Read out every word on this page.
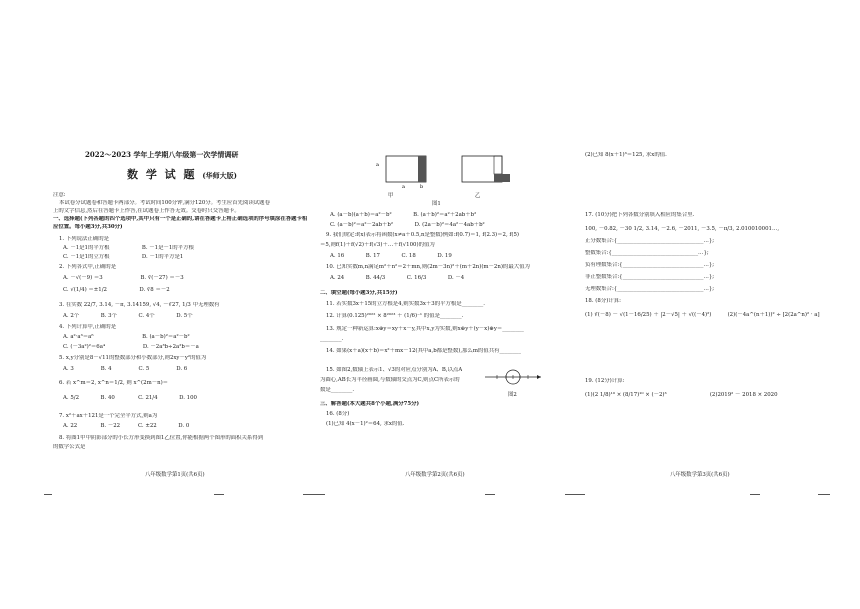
2022～2023 学年上学期八年级第一次学情调研
数 学 试 题 (华师大版)
注意:
本试卷分试题卷和答题卡两部分。考试时间100分钟,满分120分。考生应首先阅读试题卷
上的文字信息,然后在答题卡上作答,在试题卷上作答无效。交卷时只交答题卡。
一、选择题(下列各题的四个选项中,其中只有一个是正确的,请在答题卡上将正确选项的序号填涂在答题卡相
应位置。每小题3分,共30分)
1. 下列说法正确的是
A. －1是1的平方根　　　　　　B. －1是－1的平方根
C. －1是1的立方根　　　　　　D. －1的平方是1
2. 下列各式中,正确的是
A. －√(－9) ＝3　　　　　　　B. ∛(－27) ＝－3
C. √(1/4) ＝±1/2　　　　　　D. ∛8 ＝－2
3. 在实数 22/7, 3.14, －π, 3.14159, √4, －∛27, 1/3 中无理数有
A. 2个　　　　B. 3个　　　　C. 4个　　　　D. 5个
4. 下列计算中,正确的是
A. a²·a³＝a⁶　　　　　　　　　B. (a－b)²＝a²－b²
C. (－3a²)²＝6a⁴　　　　　　　D. －2a³b÷2a²b＝－a
5. x,y分别是8－√11的整数部分和小数部分,则2xy－y²的值为
A. 3　　　　　B. 4　　　　　C. 5　　　　　D. 6
6. 若 x^m＝2, x^n＝1/2, 则 x^(2m－n)＝
A. 5/2　　　　B. 40　　　　 C. 21/4　　　　D. 100
7. x²＋ax＋121是一个完全平方式,则a为
A. 22　　　　 B. －22　　　 C. ±22　　　　D. 0
8. 将图1甲中阴影部分的小长方形变换到图1乙位置,你能根据两个图形的面积关系得到
的数学公式是
八年级数学第1页(共6页)
a
a	b
甲	乙
图1
A. (a－b)(a＋b)＝a²－b²　　　　B. (a＋b)²＝a²＋2ab＋b²
C. (a－b)²＝a²－2ab＋b²　　　　D. (2a－b)²＝4a²－4ab＋b²
9. 我们规定:f(x)表示将函数(x≠a＋0.5,n是整数)例如:f(0.7)＝1, f(2.3)＝2, f(5)
＝5,则f(1)＋f(√2)＋f(√3)＋…＋f(√100)的值为
A. 16　　　　B. 17　　　　C. 18　　　　D. 19
10. 已知实数m,n满足m²＋n²＝2＋mn,则(2m－3n)²＋(m＋2n)(m－2n)的最大值为
A. 24　　　　B. 44/3　　　　C. 16/3　　　　D. －4
二、填空题(每小题3分,共15分)
11. 若实数3x＋15的立方根是4,则实数3x＋3的平方根是________.
12. 计算(0.125)²⁰²² × 8²⁰²³ ＋ (1/6)⁻¹ 的值是________.
13. 规定一种新运算:x⊕y＝xy＋x－y,其中x,y为实数,则x⊕y＋(y－x)⊕y＝________
________.
14. 如果(x＋a)(x＋b)＝x²＋mx－12(其中a,b都是整数),那么m的值共有________
15. 如图2,数轴上表示1、√3的对应点分别为A、B,以点A
为圆心,AB长为半径画圆,与数轴的交点为C,则点C所表示的
数是________.
三、解答题(本大题共8个小题,满分75分)
16. (8分)
(1)已知 4(x－1)²＝64, 求x的值.
图2
八年级数学第2页(共6页)
(2)已知 8(x＋1)³＝125, 求x的值.
17. (10分)把下列各数分别填入相应的集合里.
100, －0.82, －30 1/2, 3.14, －2.6, －2011, －3.5, －π/3, 2.010010001…,
正分数集合:{________________________________…};
整数集合:{________________________________…};
负有理数集合:{______________________________…};
非正整数集合:{______________________________…};
无理数集合:{________________________________…};
18. (8分)计算:
(1) ∛(－8) － √(1－16/25) ＋ |2－√5| ＋ √((－4)²)　　　(2)(－4a^(n＋1))² ÷ [2(2a^n)² · a]
19. (12分)计算:
(1)(2 1/8)¹⁰ × (8/17)¹⁰ × (－2)³　　　　　　　　(2)2019² － 2018 × 2020
八年级数学第3页(共6页)
